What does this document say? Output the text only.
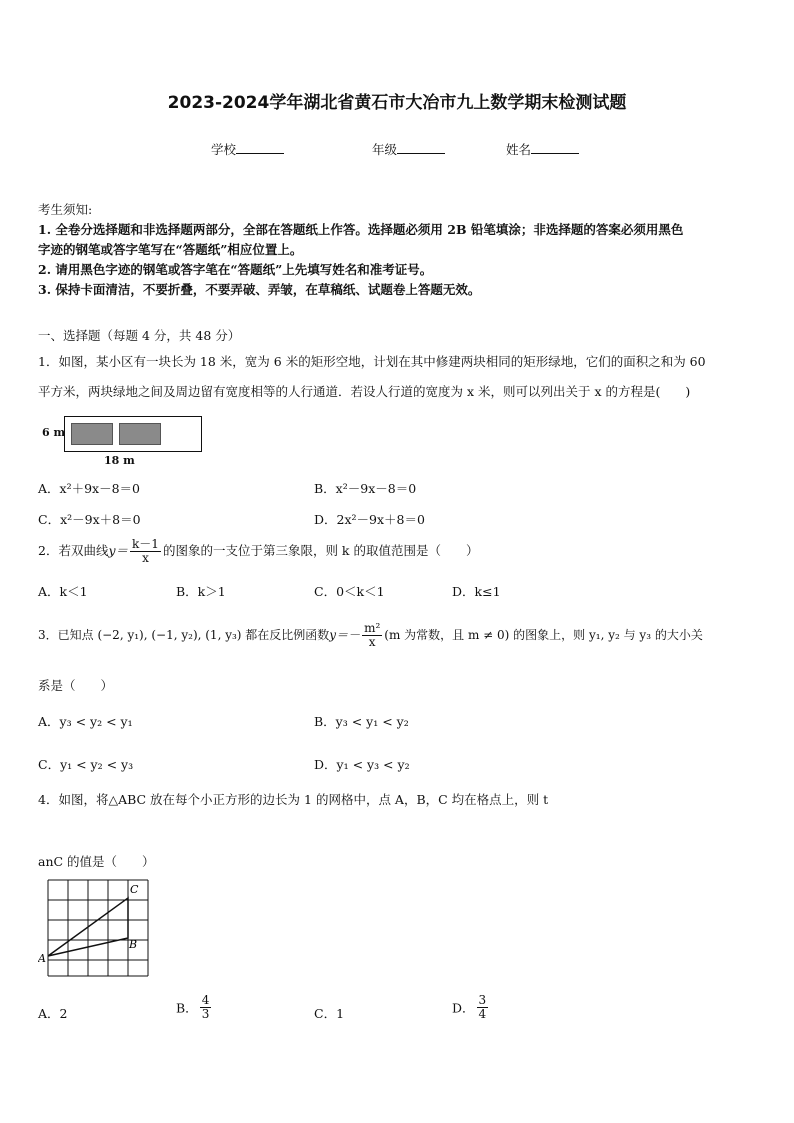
2023-2024学年湖北省黄石市大冶市九上数学期末检测试题
学校	年级	姓名
考生须知:
1. 全卷分选择题和非选择题两部分，全部在答题纸上作答。选择题必须用 2B 铅笔填涂；非选择题的答案必须用黑色
字迹的钢笔或答字笔写在“答题纸”相应位置上。
2. 请用黑色字迹的钢笔或答字笔在“答题纸”上先填写姓名和准考证号。
3. 保持卡面清洁，不要折叠，不要弄破、弄皱，在草稿纸、试题卷上答题无效。
一、选择题（每题 4 分，共 48 分）
1．如图，某小区有一块长为 18 米，宽为 6 米的矩形空地，计划在其中修建两块相同的矩形绿地，它们的面积之和为 60
平方米，两块绿地之间及周边留有宽度相等的人行通道．若设人行道的宽度为 x 米，则可以列出关于 x 的方程是(　　)
6 m
18 m
A．x²＋9x－8＝0	B．x²－9x－8＝0
C．x²－9x＋8＝0	D．2x²－9x＋8＝0
2．若双曲线$y= \frac{k-1}{x}$ 的图象的一支位于第三象限，则 k 的取值范围是（　　）
A．k＜1	B．k＞1	C．0＜k＜1	D．k≤1
3．已知点 (−2, y₁), (−1, y₂), (1, y₃) 都在反比例函数$y=- \frac{\text{m²}}{x} (m$ 为常数，且 m ≠ 0) 的图象上，则 y₁, y₂ 与 y₃ 的大小关
系是（　　）
A．y₃ < y₂ < y₁	B．y₃ < y₁ < y₂
C．y₁ < y₂ < y₃	D．y₁ < y₃ < y₂
4．如图，将△ABC 放在每个小正方形的边长为 1 的网格中，点 A，B，C 均在格点上，则 t
anC 的值是（　　）
A
B
C
A．2	B． $\frac{4}{3}$	C．1	D． $\frac{3}{4}$
